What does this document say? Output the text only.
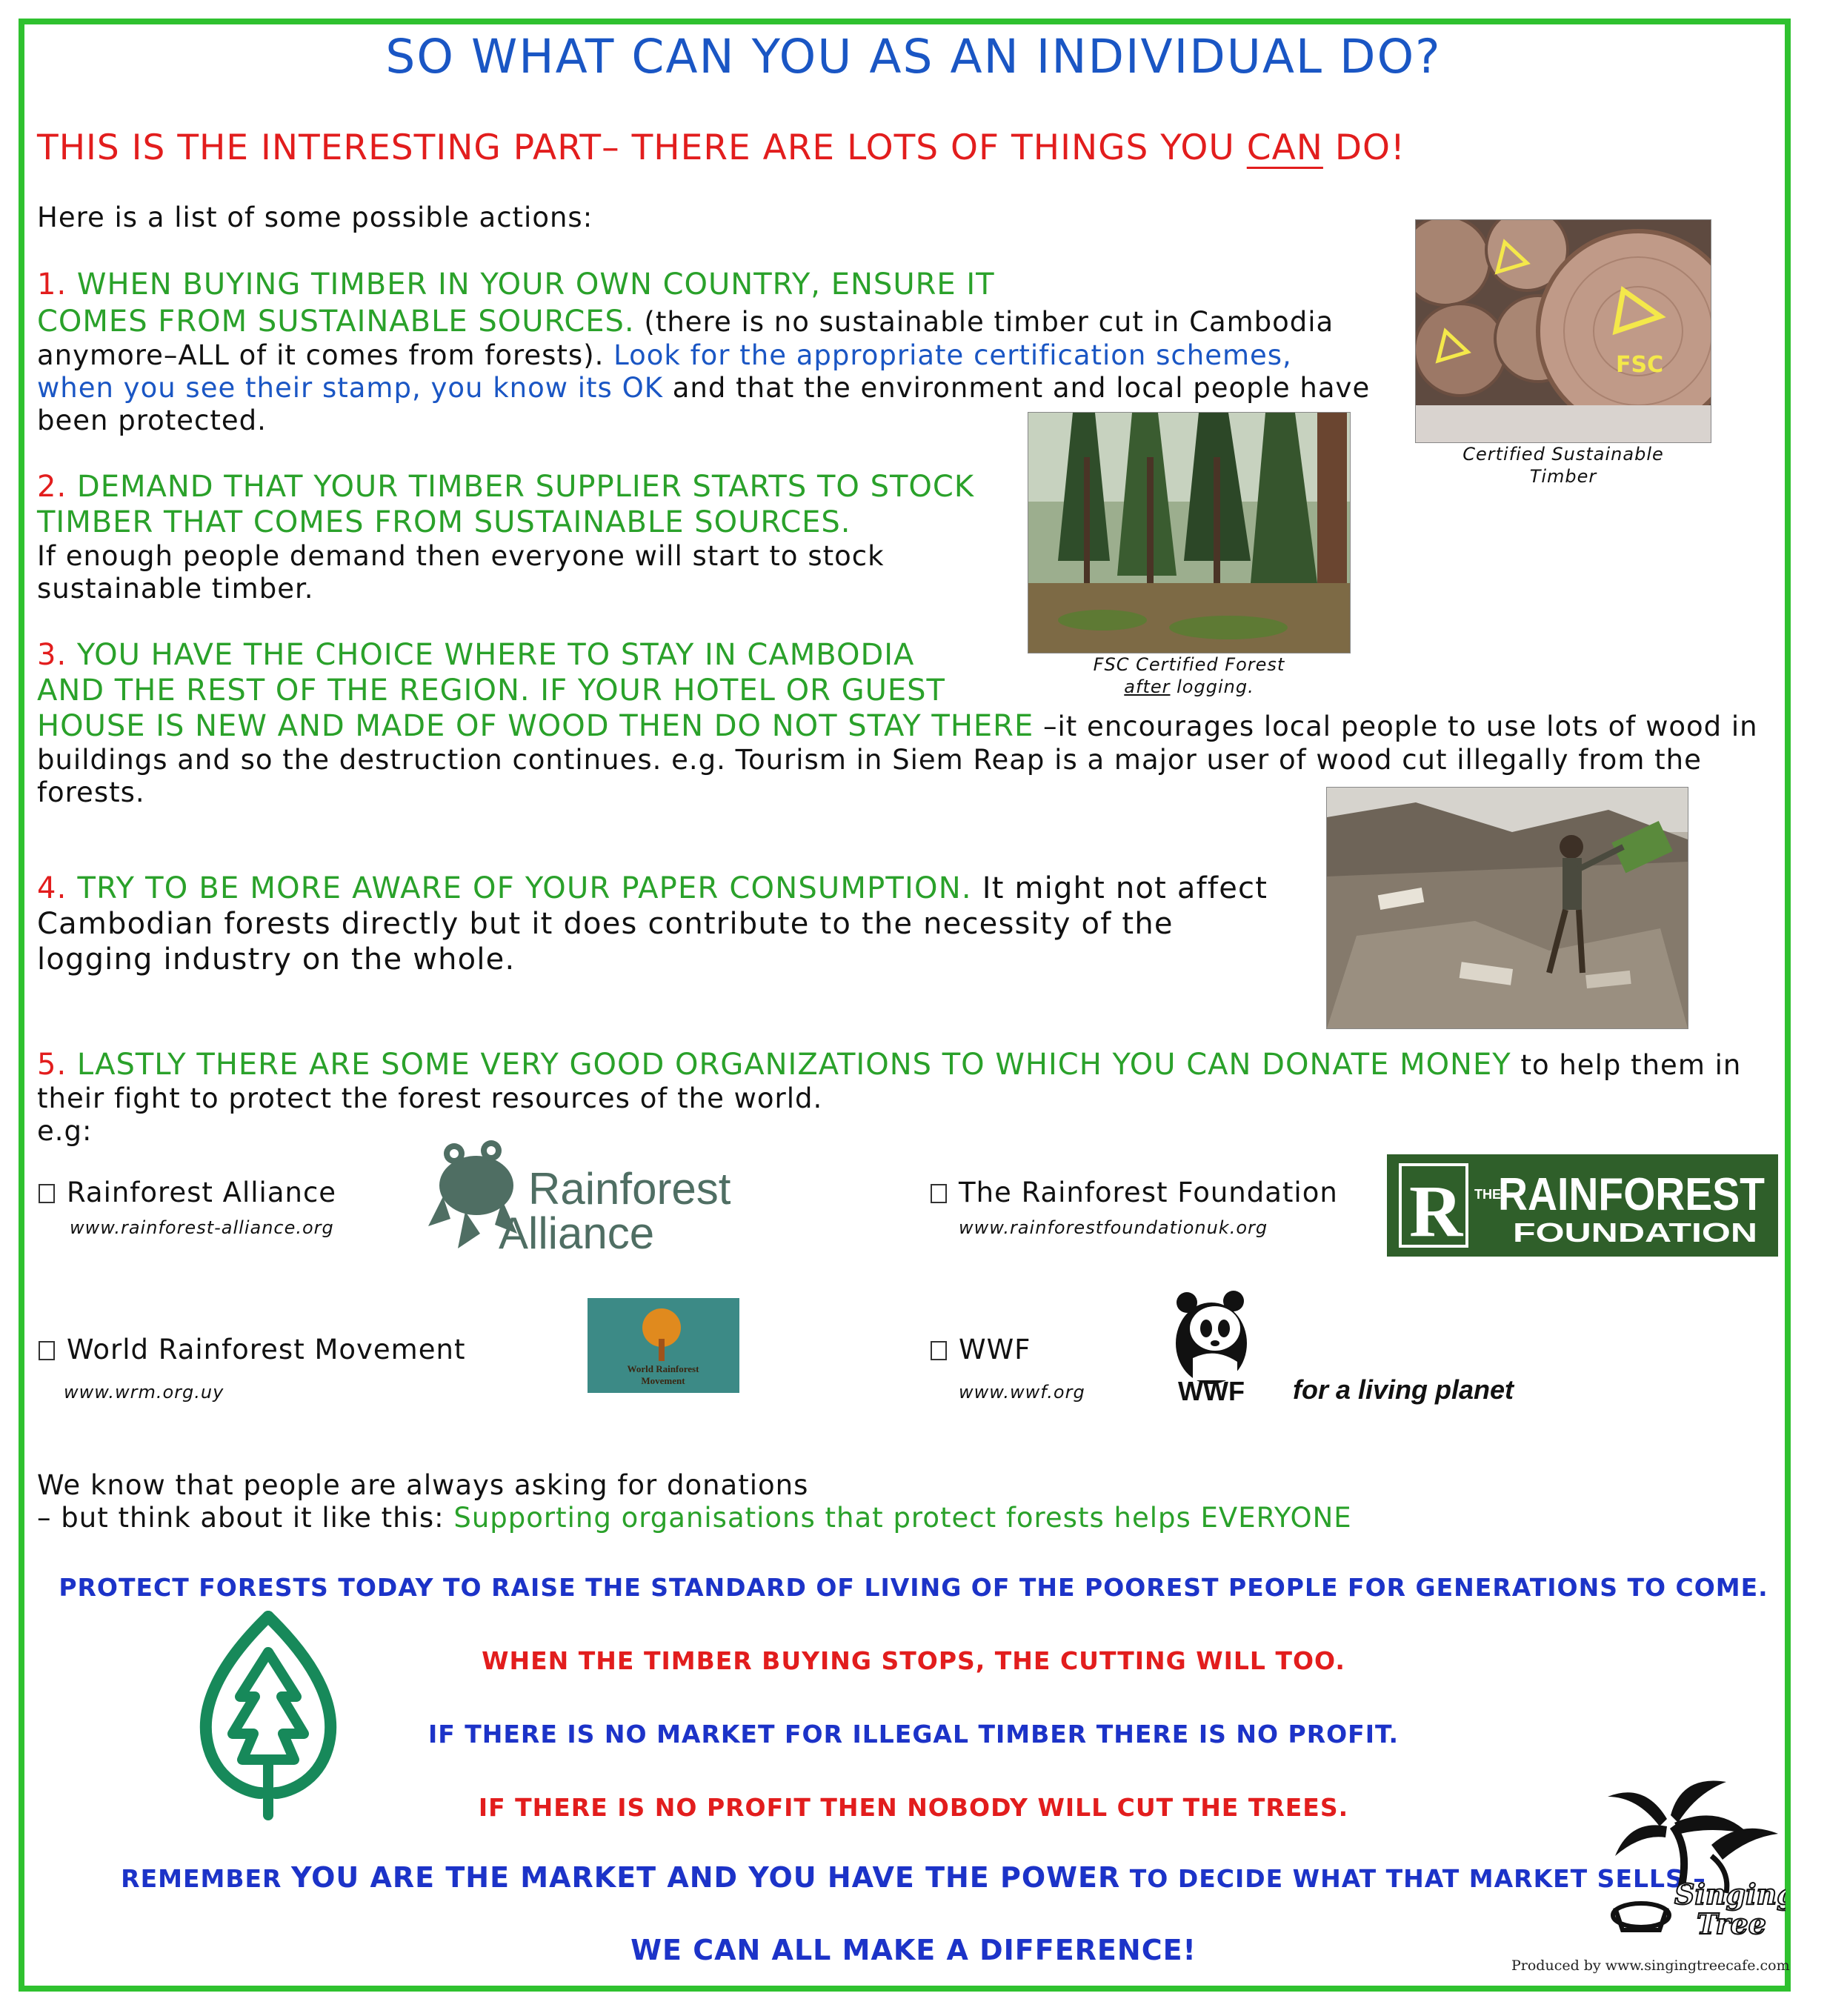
SO WHAT CAN YOU AS AN INDIVIDUAL DO?
THIS IS THE INTERESTING PART– THERE ARE LOTS OF THINGS YOU CAN DO!
Here is a list of some possible actions:
1. WHEN BUYING TIMBER IN YOUR OWN COUNTRY, ENSURE IT
COMES FROM SUSTAINABLE SOURCES. (there is no sustainable timber cut in Cambodia
anymore–ALL of it comes from forests). Look for the appropriate certification schemes,
when you see their stamp, you know its OK and that the environment and local people have
been protected.
2. DEMAND THAT YOUR TIMBER SUPPLIER STARTS TO STOCK
TIMBER THAT COMES FROM SUSTAINABLE SOURCES.
If enough people demand then everyone will start to stock
sustainable timber.
3. YOU HAVE THE CHOICE WHERE TO STAY IN CAMBODIA
AND THE REST OF THE REGION. IF YOUR HOTEL OR GUEST
HOUSE IS NEW AND MADE OF WOOD THEN DO NOT STAY THERE –it encourages local people to use lots of wood in
buildings and so the destruction continues. e.g. Tourism in Siem Reap is a major user of wood cut illegally from the
forests.
4. TRY TO BE MORE AWARE OF YOUR PAPER CONSUMPTION. It might not affect
Cambodian forests directly but it does contribute to the necessity of the
logging industry on the whole.
5. LASTLY THERE ARE SOME VERY GOOD ORGANIZATIONS TO WHICH YOU CAN DONATE MONEY to help them in
their fight to protect the forest resources of the world.
e.g:
FSC
Certified Sustainable
Timber
FSC Certified Forest
after logging.
Rainforest Alliance
www.rainforest-alliance.org
The Rainforest Foundation
www.rainforestfoundationuk.org
World Rainforest Movement
www.wrm.org.uy
WWF
www.wwf.org
Rainforest
Alliance	R THE
RAINFOREST
FOUNDATION
World Rainforest
Movement	WWF for a living planet
We know that people are always asking for donations
– but think about it like this: Supporting organisations that protect forests helps EVERYONE
PROTECT FORESTS TODAY TO RAISE THE STANDARD OF LIVING OF THE POOREST PEOPLE FOR GENERATIONS TO COME.
WHEN THE TIMBER BUYING STOPS, THE CUTTING WILL TOO.
IF THERE IS NO MARKET FOR ILLEGAL TIMBER THERE IS NO PROFIT.
IF THERE IS NO PROFIT THEN NOBODY WILL CUT THE TREES.
REMEMBER YOU ARE THE MARKET AND YOU HAVE THE POWER TO DECIDE WHAT THAT MARKET SELLS –
WE CAN ALL MAKE A DIFFERENCE!
Singing
Tree
Produced by www.singingtreecafe.com
